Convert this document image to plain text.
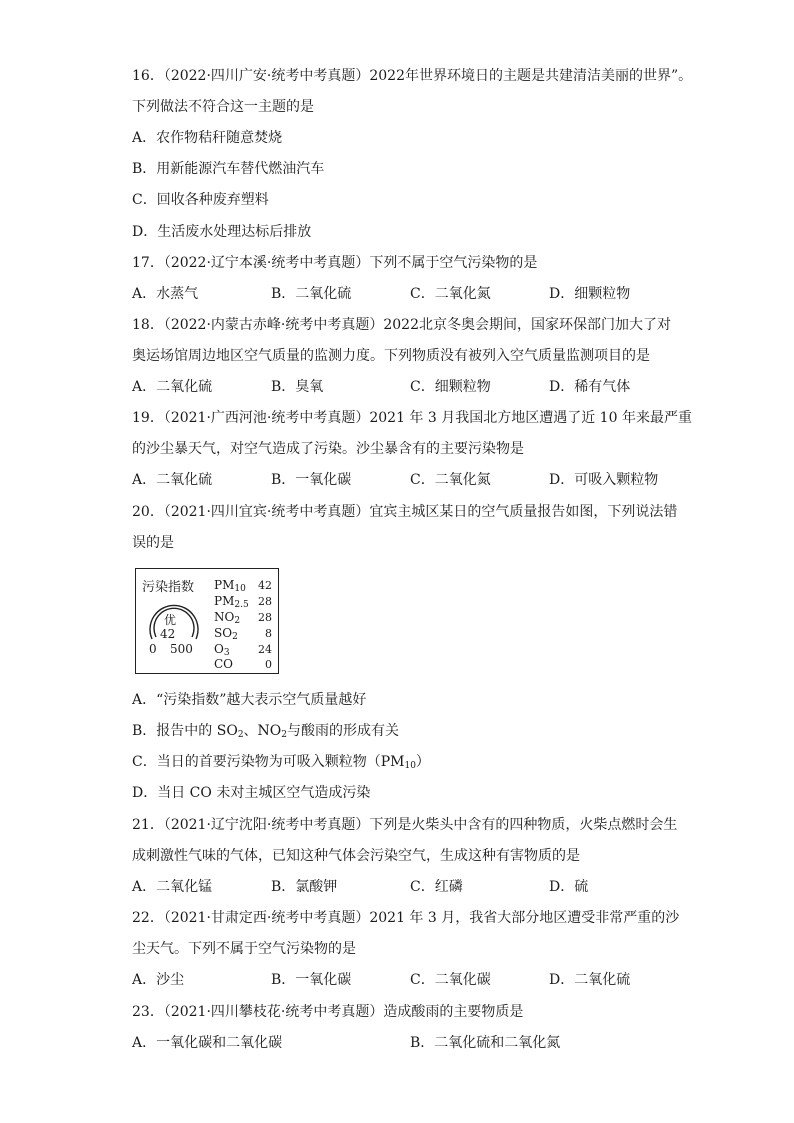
16．（2022·四川广安·统考中考真题）2022年世界环境日的主题是共建清洁美丽的世界”。
下列做法不符合这一主题的是
A．农作物秸秆随意焚烧
B．用新能源汽车替代燃油汽车
C．回收各种废弃塑料
D．生活废水处理达标后排放
17．（2022·辽宁本溪·统考中考真题）下列不属于空气污染物的是
A．水蒸气	B．二氧化硫	C．二氧化氮	D．细颗粒物
18．（2022·内蒙古赤峰·统考中考真题）2022北京冬奥会期间，国家环保部门加大了对
奥运场馆周边地区空气质量的监测力度。下列物质没有被列入空气质量监测项目的是
A．二氧化硫	B．臭氧	C．细颗粒物	D．稀有气体
19．（2021·广西河池·统考中考真题）2021 年 3 月我国北方地区遭遇了近 10 年来最严重
的沙尘暴天气，对空气造成了污染。沙尘暴含有的主要污染物是
A．二氧化硫	B．一氧化碳	C．二氧化氮	D．可吸入颗粒物
20．（2021·四川宜宾·统考中考真题）宜宾主城区某日的空气质量报告如图，下列说法错
误的是
污染指数
优
42
0 500
$PM_{10}$	42
$PM_{2.5}$ 28
$NO_2$	28
$SO_2$	8
$O_3$	24
CO	0
A．“污染指数”越大表示空气质量越好
B．报告中的 $SO_2$、$NO_2$与酸雨的形成有关
C．当日的首要污染物为可吸入颗粒物$(PM_{10})$
D．当日 CO 未对主城区空气造成污染
21．（2021·辽宁沈阳·统考中考真题）下列是火柴头中含有的四种物质，火柴点燃时会生
成刺激性气味的气体，已知这种气体会污染空气，生成这种有害物质的是
A．二氧化锰	B．氯酸钾	C．红磷	D．硫
22．（2021·甘肃定西·统考中考真题）2021 年 3 月，我省大部分地区遭受非常严重的沙
尘天气。下列不属于空气污染物的是
A．沙尘	B．一氧化碳	C．二氧化碳	D．二氧化硫
23．（2021·四川攀枝花·统考中考真题）造成酸雨的主要物质是
A．一氧化碳和二氧化碳	B．二氧化硫和二氧化氮
